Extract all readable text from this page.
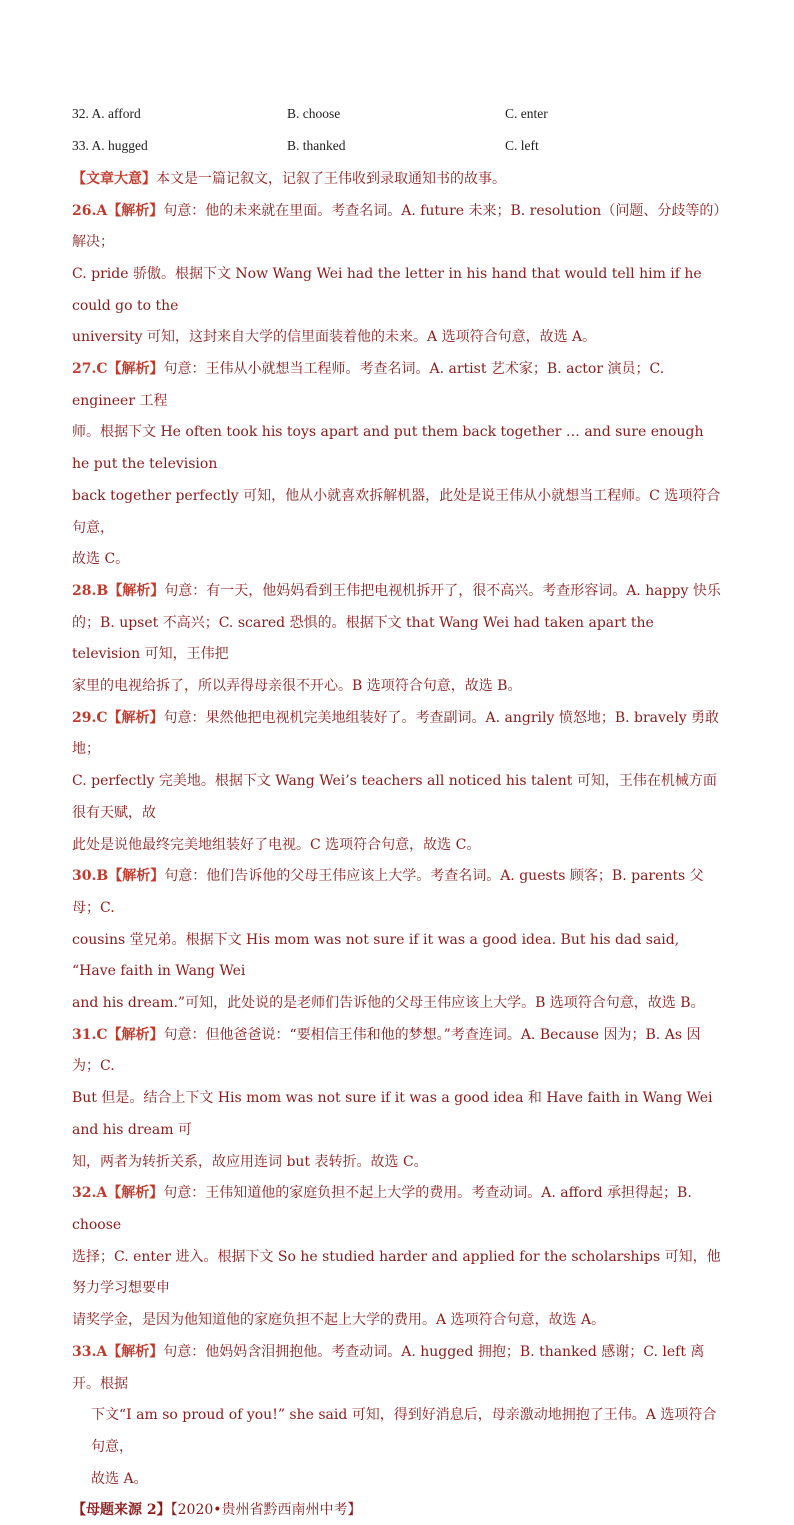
32. A. afford	B. choose	C. enter
33. A. hugged	B. thanked	C. left
【文章大意】本文是一篇记叙文，记叙了王伟收到录取通知书的故事。

26.A【解析】句意：他的未来就在里面。考查名词。A. future 未来；B. resolution（问题、分歧等的）解决；

C. pride 骄傲。根据下文 Now Wang Wei had the letter in his hand that would tell him if he could go to the

university 可知，这封来自大学的信里面装着他的未来。A 选项符合句意，故选 A。

27.C【解析】句意：王伟从小就想当工程师。考查名词。A. artist 艺术家；B. actor 演员；C. engineer 工程

师。根据下文 He often took his toys apart and put them back together … and sure enough he put the television

back together perfectly 可知，他从小就喜欢拆解机器，此处是说王伟从小就想当工程师。C 选项符合句意，

故选 C。

28.B【解析】句意：有一天，他妈妈看到王伟把电视机拆开了，很不高兴。考查形容词。A. happy 快乐

的；B. upset 不高兴；C. scared 恐惧的。根据下文 that Wang Wei had taken apart the television 可知，王伟把

家里的电视给拆了，所以弄得母亲很不开心。B 选项符合句意，故选 B。

29.C【解析】句意：果然他把电视机完美地组装好了。考查副词。A. angrily 愤怒地；B. bravely 勇敢地；

C. perfectly 完美地。根据下文 Wang Wei’s teachers all noticed his talent 可知，王伟在机械方面很有天赋，故

此处是说他最终完美地组装好了电视。C 选项符合句意，故选 C。

30.B【解析】句意：他们告诉他的父母王伟应该上大学。考查名词。A. guests 顾客；B. parents 父母；C.

cousins 堂兄弟。根据下文 His mom was not sure if it was a good idea. But his dad said, “Have faith in Wang Wei

and his dream.”可知，此处说的是老师们告诉他的父母王伟应该上大学。B 选项符合句意，故选 B。

31.C【解析】句意：但他爸爸说：“要相信王伟和他的梦想。”考查连词。A. Because 因为；B. As 因为；C.

But 但是。结合上下文 His mom was not sure if it was a good idea 和 Have faith in Wang Wei and his dream 可

知，两者为转折关系，故应用连词 but 表转折。故选 C。

32.A【解析】句意：王伟知道他的家庭负担不起上大学的费用。考查动词。A. afford 承担得起；B. choose

选择；C. enter 进入。根据下文 So he studied harder and applied for the scholarships 可知，他努力学习想要申

请奖学金，是因为他知道他的家庭负担不起上大学的费用。A 选项符合句意，故选 A。

33.A【解析】句意：他妈妈含泪拥抱他。考查动词。A. hugged 拥抱；B. thanked 感谢；C. left 离开。根据

下文“I am so proud of you!” she said 可知，得到好消息后，母亲激动地拥抱了王伟。A 选项符合句意，

故选 A。

【母题来源 2】【2020•贵州省黔西南州中考】
